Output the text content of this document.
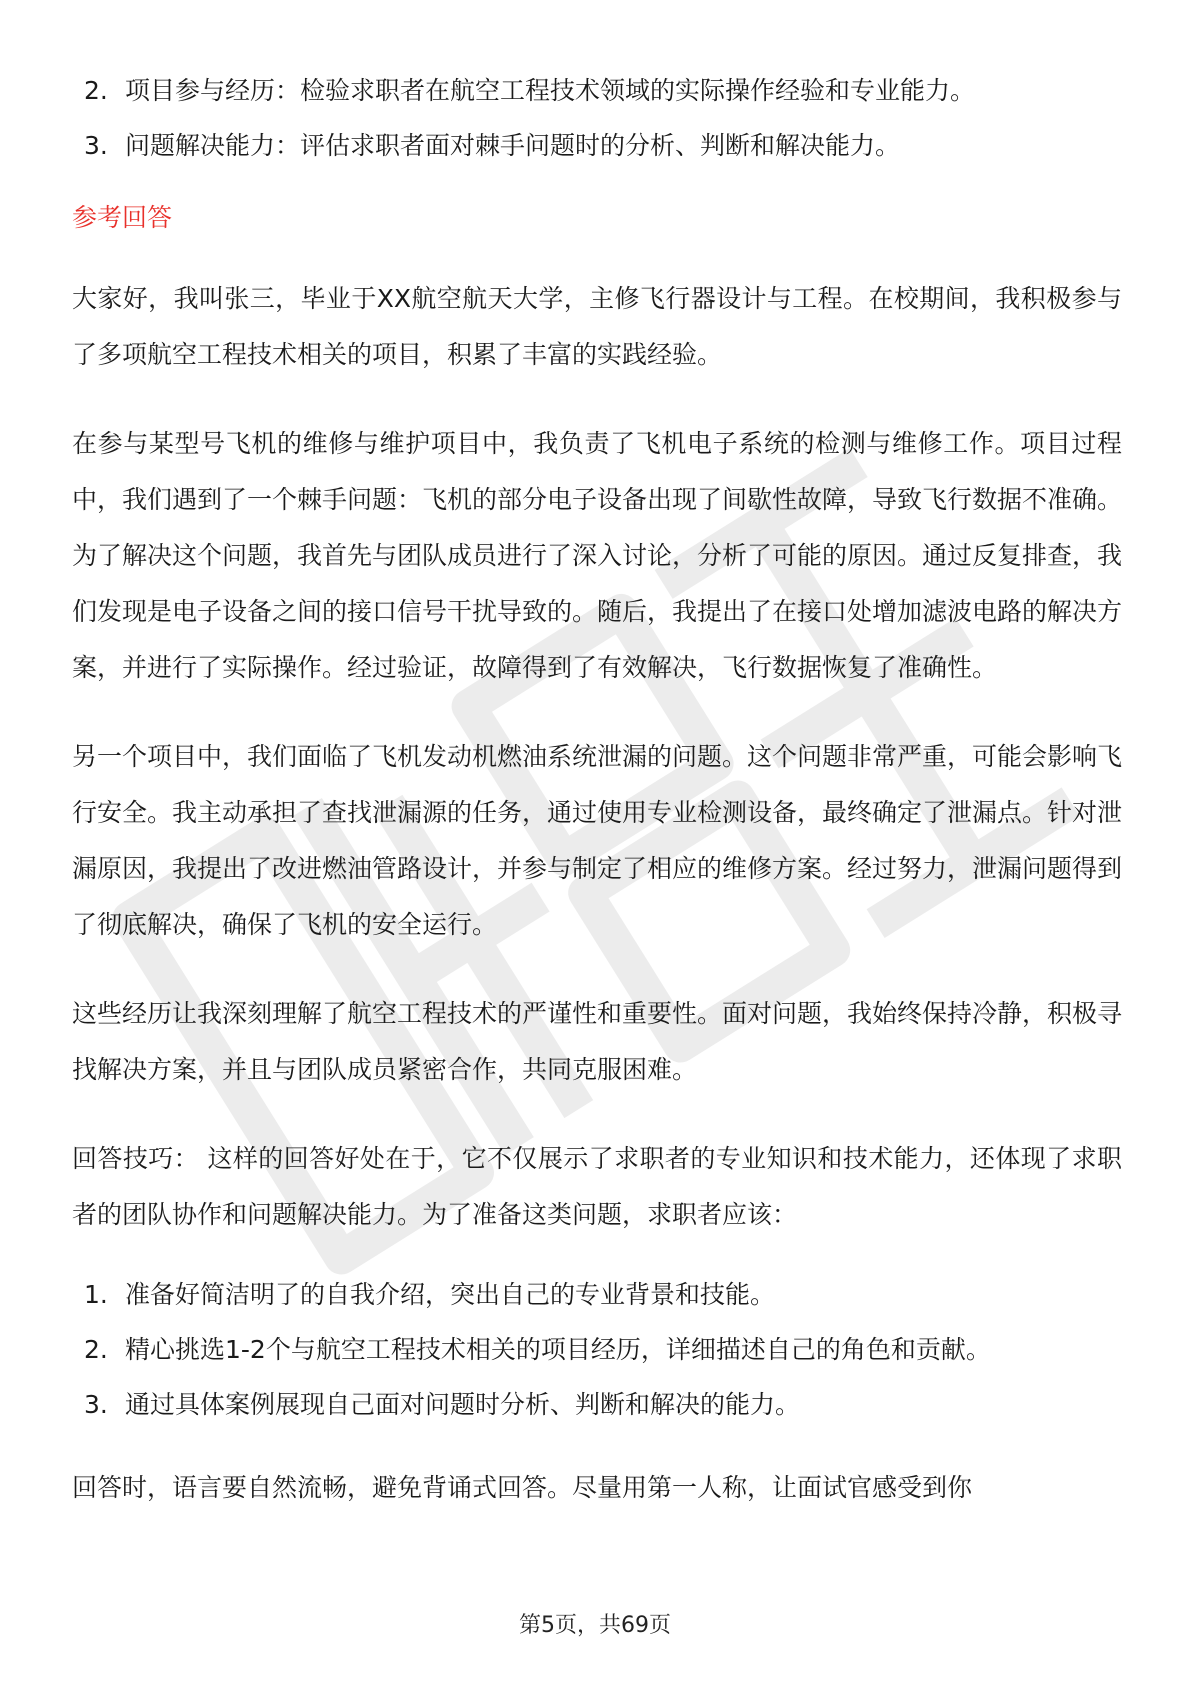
2. 项目参与经历：检验求职者在航空工程技术领域的实际操作经验和专业能力。
3. 问题解决能力：评估求职者面对棘手问题时的分析、判断和解决能力。
参考回答

大家好，我叫张三，毕业于XX航空航天大学，主修飞行器设计与工程。在校期间，我积极参与了多项航空工程技术相关的项目，积累了丰富的实践经验。

在参与某型号飞机的维修与维护项目中，我负责了飞机电子系统的检测与维修工作。项目过程中，我们遇到了一个棘手问题：飞机的部分电子设备出现了间歇性故障，导致飞行数据不准确。为了解决这个问题，我首先与团队成员进行了深入讨论，分析了可能的原因。通过反复排查，我们发现是电子设备之间的接口信号干扰导致的。随后，我提出了在接口处增加滤波电路的解决方案，并进行了实际操作。经过验证，故障得到了有效解决，飞行数据恢复了准确性。

另一个项目中，我们面临了飞机发动机燃油系统泄漏的问题。这个问题非常严重，可能会影响飞行安全。我主动承担了查找泄漏源的任务，通过使用专业检测设备，最终确定了泄漏点。针对泄漏原因，我提出了改进燃油管路设计，并参与制定了相应的维修方案。经过努力，泄漏问题得到了彻底解决，确保了飞机的安全运行。

这些经历让我深刻理解了航空工程技术的严谨性和重要性。面对问题，我始终保持冷静，积极寻找解决方案，并且与团队成员紧密合作，共同克服困难。

回答技巧： 这样的回答好处在于，它不仅展示了求职者的专业知识和技术能力，还体现了求职者的团队协作和问题解决能力。为了准备这类问题，求职者应该：

1. 准备好简洁明了的自我介绍，突出自己的专业背景和技能。
2. 精心挑选1-2个与航空工程技术相关的项目经历，详细描述自己的角色和贡献。
3. 通过具体案例展现自己面对问题时分析、判断和解决的能力。

回答时，语言要自然流畅，避免背诵式回答。尽量用第一人称，让面试官感受到你

第5页，共69页
